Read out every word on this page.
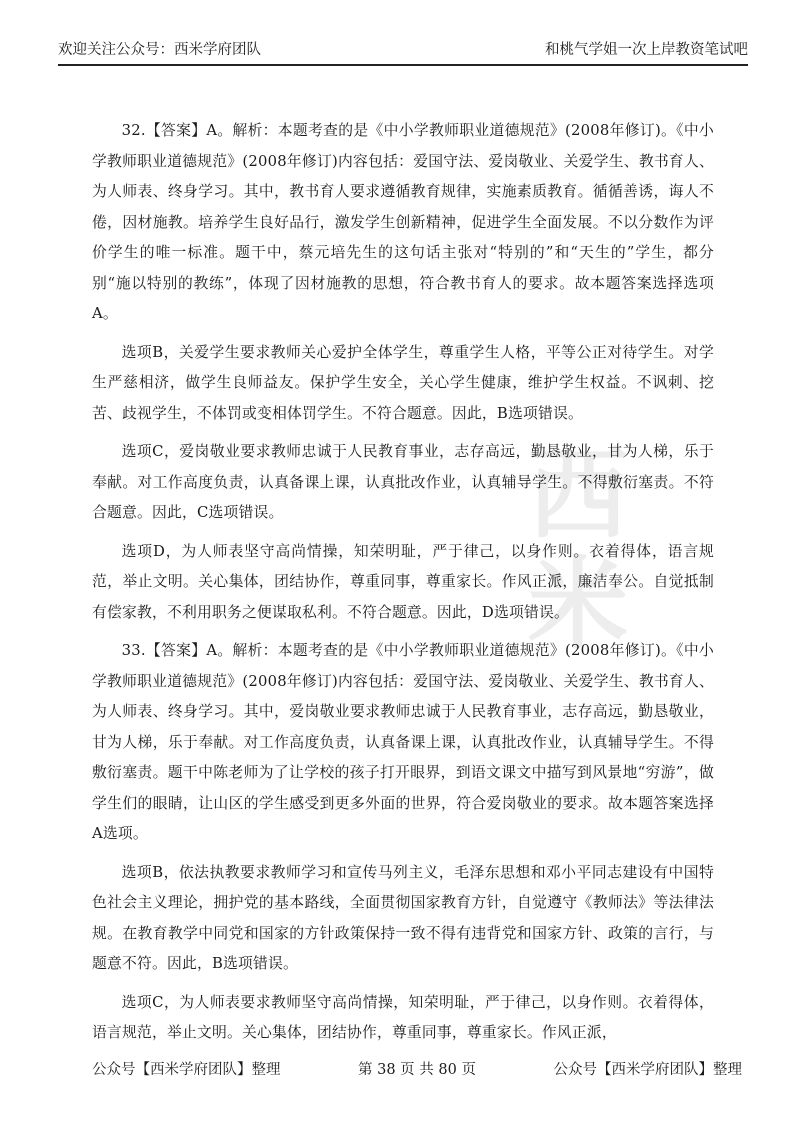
欢迎关注公众号：西米学府团队	和桃气学姐一次上岸教资笔试吧
西米

32.【答案】A。解析：本题考查的是《中小学教师职业道德规范》(2008年修订)。《中小学教师职业道德规范》(2008年修订)内容包括：爱国守法、爱岗敬业、关爱学生、教书育人、为人师表、终身学习。其中，教书育人要求遵循教育规律，实施素质教育。循循善诱，诲人不倦，因材施教。培养学生良好品行，激发学生创新精神，促进学生全面发展。不以分数作为评价学生的唯一标准。题干中，蔡元培先生的这句话主张对“特别的”和“天生的”学生，都分别“施以特别的教练”，体现了因材施教的思想，符合教书育人的要求。故本题答案选择选项A。

选项B，关爱学生要求教师关心爱护全体学生，尊重学生人格，平等公正对待学生。对学生严慈相济，做学生良师益友。保护学生安全，关心学生健康，维护学生权益。不讽刺、挖苦、歧视学生，不体罚或变相体罚学生。不符合题意。因此，B选项错误。

选项C，爱岗敬业要求教师忠诚于人民教育事业，志存高远，勤恳敬业，甘为人梯，乐于奉献。对工作高度负责，认真备课上课，认真批改作业，认真辅导学生。不得敷衍塞责。不符合题意。因此，C选项错误。

选项D，为人师表坚守高尚情操，知荣明耻，严于律己，以身作则。衣着得体，语言规范，举止文明。关心集体，团结协作，尊重同事，尊重家长。作风正派，廉洁奉公。自觉抵制有偿家教，不利用职务之便谋取私利。不符合题意。因此，D选项错误。

33.【答案】A。解析：本题考查的是《中小学教师职业道德规范》(2008年修订)。《中小学教师职业道德规范》(2008年修订)内容包括：爱国守法、爱岗敬业、关爱学生、教书育人、为人师表、终身学习。其中，爱岗敬业要求教师忠诚于人民教育事业，志存高远，勤恳敬业，甘为人梯，乐于奉献。对工作高度负责，认真备课上课，认真批改作业，认真辅导学生。不得敷衍塞责。题干中陈老师为了让学校的孩子打开眼界，到语文课文中描写到风景地“穷游”，做学生们的眼睛，让山区的学生感受到更多外面的世界，符合爱岗敬业的要求。故本题答案选择A选项。

选项B，依法执教要求教师学习和宣传马列主义，毛泽东思想和邓小平同志建设有中国特色社会主义理论，拥护党的基本路线，全面贯彻国家教育方针，自觉遵守《教师法》等法律法规。在教育教学中同党和国家的方针政策保持一致不得有违背党和国家方针、政策的言行，与题意不符。因此，B选项错误。

选项C，为人师表要求教师坚守高尚情操，知荣明耻，严于律己，以身作则。衣着得体，语言规范，举止文明。关心集体，团结协作，尊重同事，尊重家长。作风正派，

公众号【西米学府团队】整理	第 38 页 共 80 页	公众号【西米学府团队】整理
